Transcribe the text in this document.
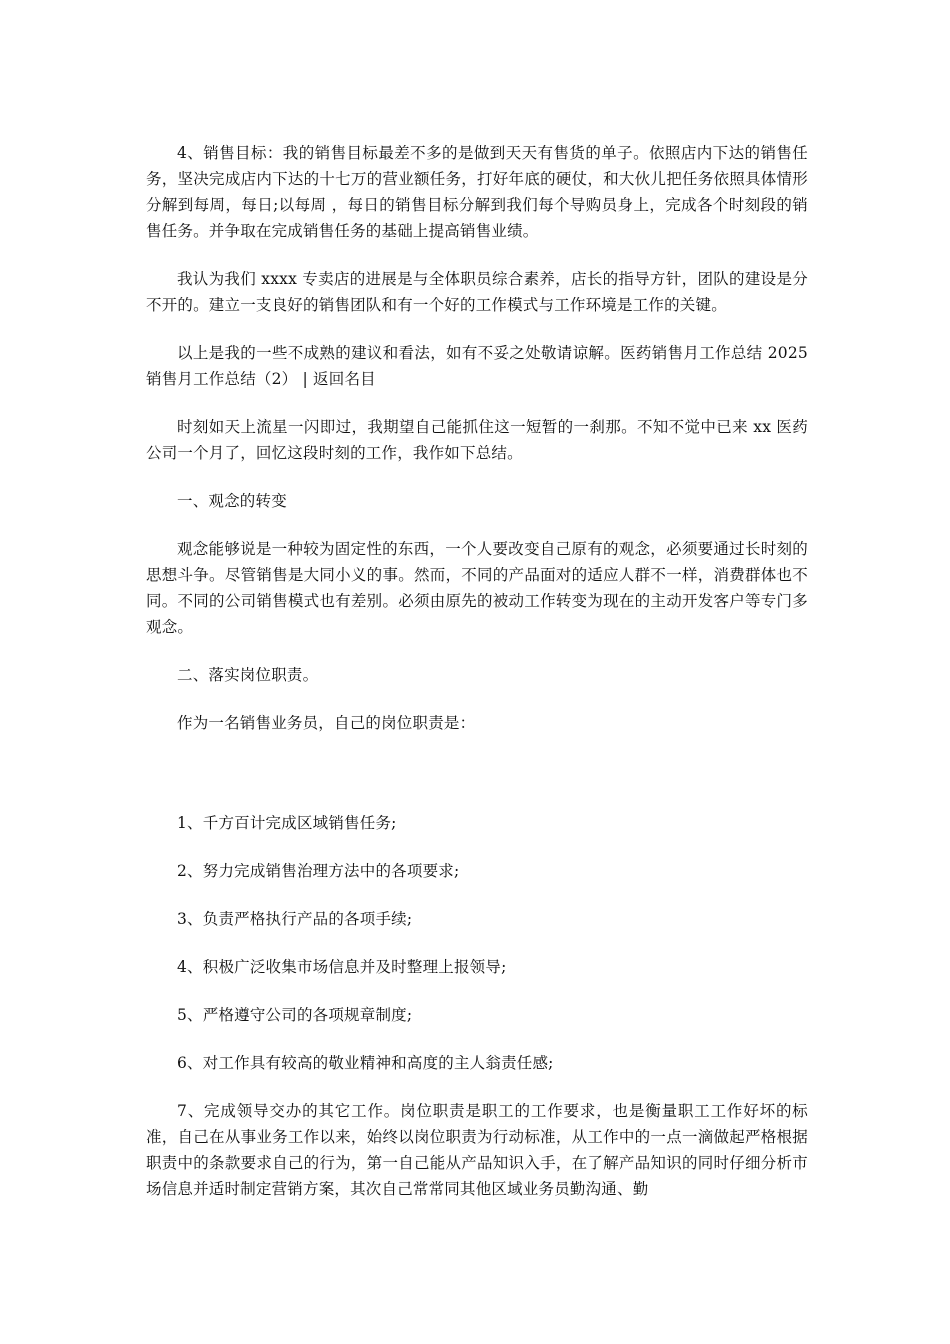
4、销售目标：我的销售目标最差不多的是做到天天有售货的单子。依照店内下达的销售任务，坚决完成店内下达的十七万的营业额任务，打好年底的硬仗，和大伙儿把任务依照具体情形分解到每周，每日;以每周 ，每日的销售目标分解到我们每个导购员身上，完成各个时刻段的销售任务。并争取在完成销售任务的基础上提高销售业绩。

我认为我们 xxxx 专卖店的进展是与全体职员综合素养，店长的指导方针，团队的建设是分不开的。建立一支良好的销售团队和有一个好的工作模式与工作环境是工作的关键。

以上是我的一些不成熟的建议和看法，如有不妥之处敬请谅解。医药销售月工作总结 2025 销售月工作总结（2） | 返回名目

时刻如天上流星一闪即过，我期望自己能抓住这一短暂的一刹那。不知不觉中已来 xx 医药公司一个月了，回忆这段时刻的工作，我作如下总结。

一、观念的转变

观念能够说是一种较为固定性的东西，一个人要改变自己原有的观念，必须要通过长时刻的思想斗争。尽管销售是大同小义的事。然而，不同的产品面对的适应人群不一样，消费群体也不同。不同的公司销售模式也有差别。必须由原先的被动工作转变为现在的主动开发客户等专门多观念。

二、落实岗位职责。

作为一名销售业务员，自己的岗位职责是：

1、千方百计完成区域销售任务;

2、努力完成销售治理方法中的各项要求;

3、负责严格执行产品的各项手续;

4、积极广泛收集市场信息并及时整理上报领导;

5、严格遵守公司的各项规章制度;

6、对工作具有较高的敬业精神和高度的主人翁责任感;

7、完成领导交办的其它工作。岗位职责是职工的工作要求，也是衡量职工工作好坏的标准，自己在从事业务工作以来，始终以岗位职责为行动标准，从工作中的一点一滴做起严格根据职责中的条款要求自己的行为，第一自己能从产品知识入手，在了解产品知识的同时仔细分析市场信息并适时制定营销方案，其次自己常常同其他区域业务员勤沟通、勤
